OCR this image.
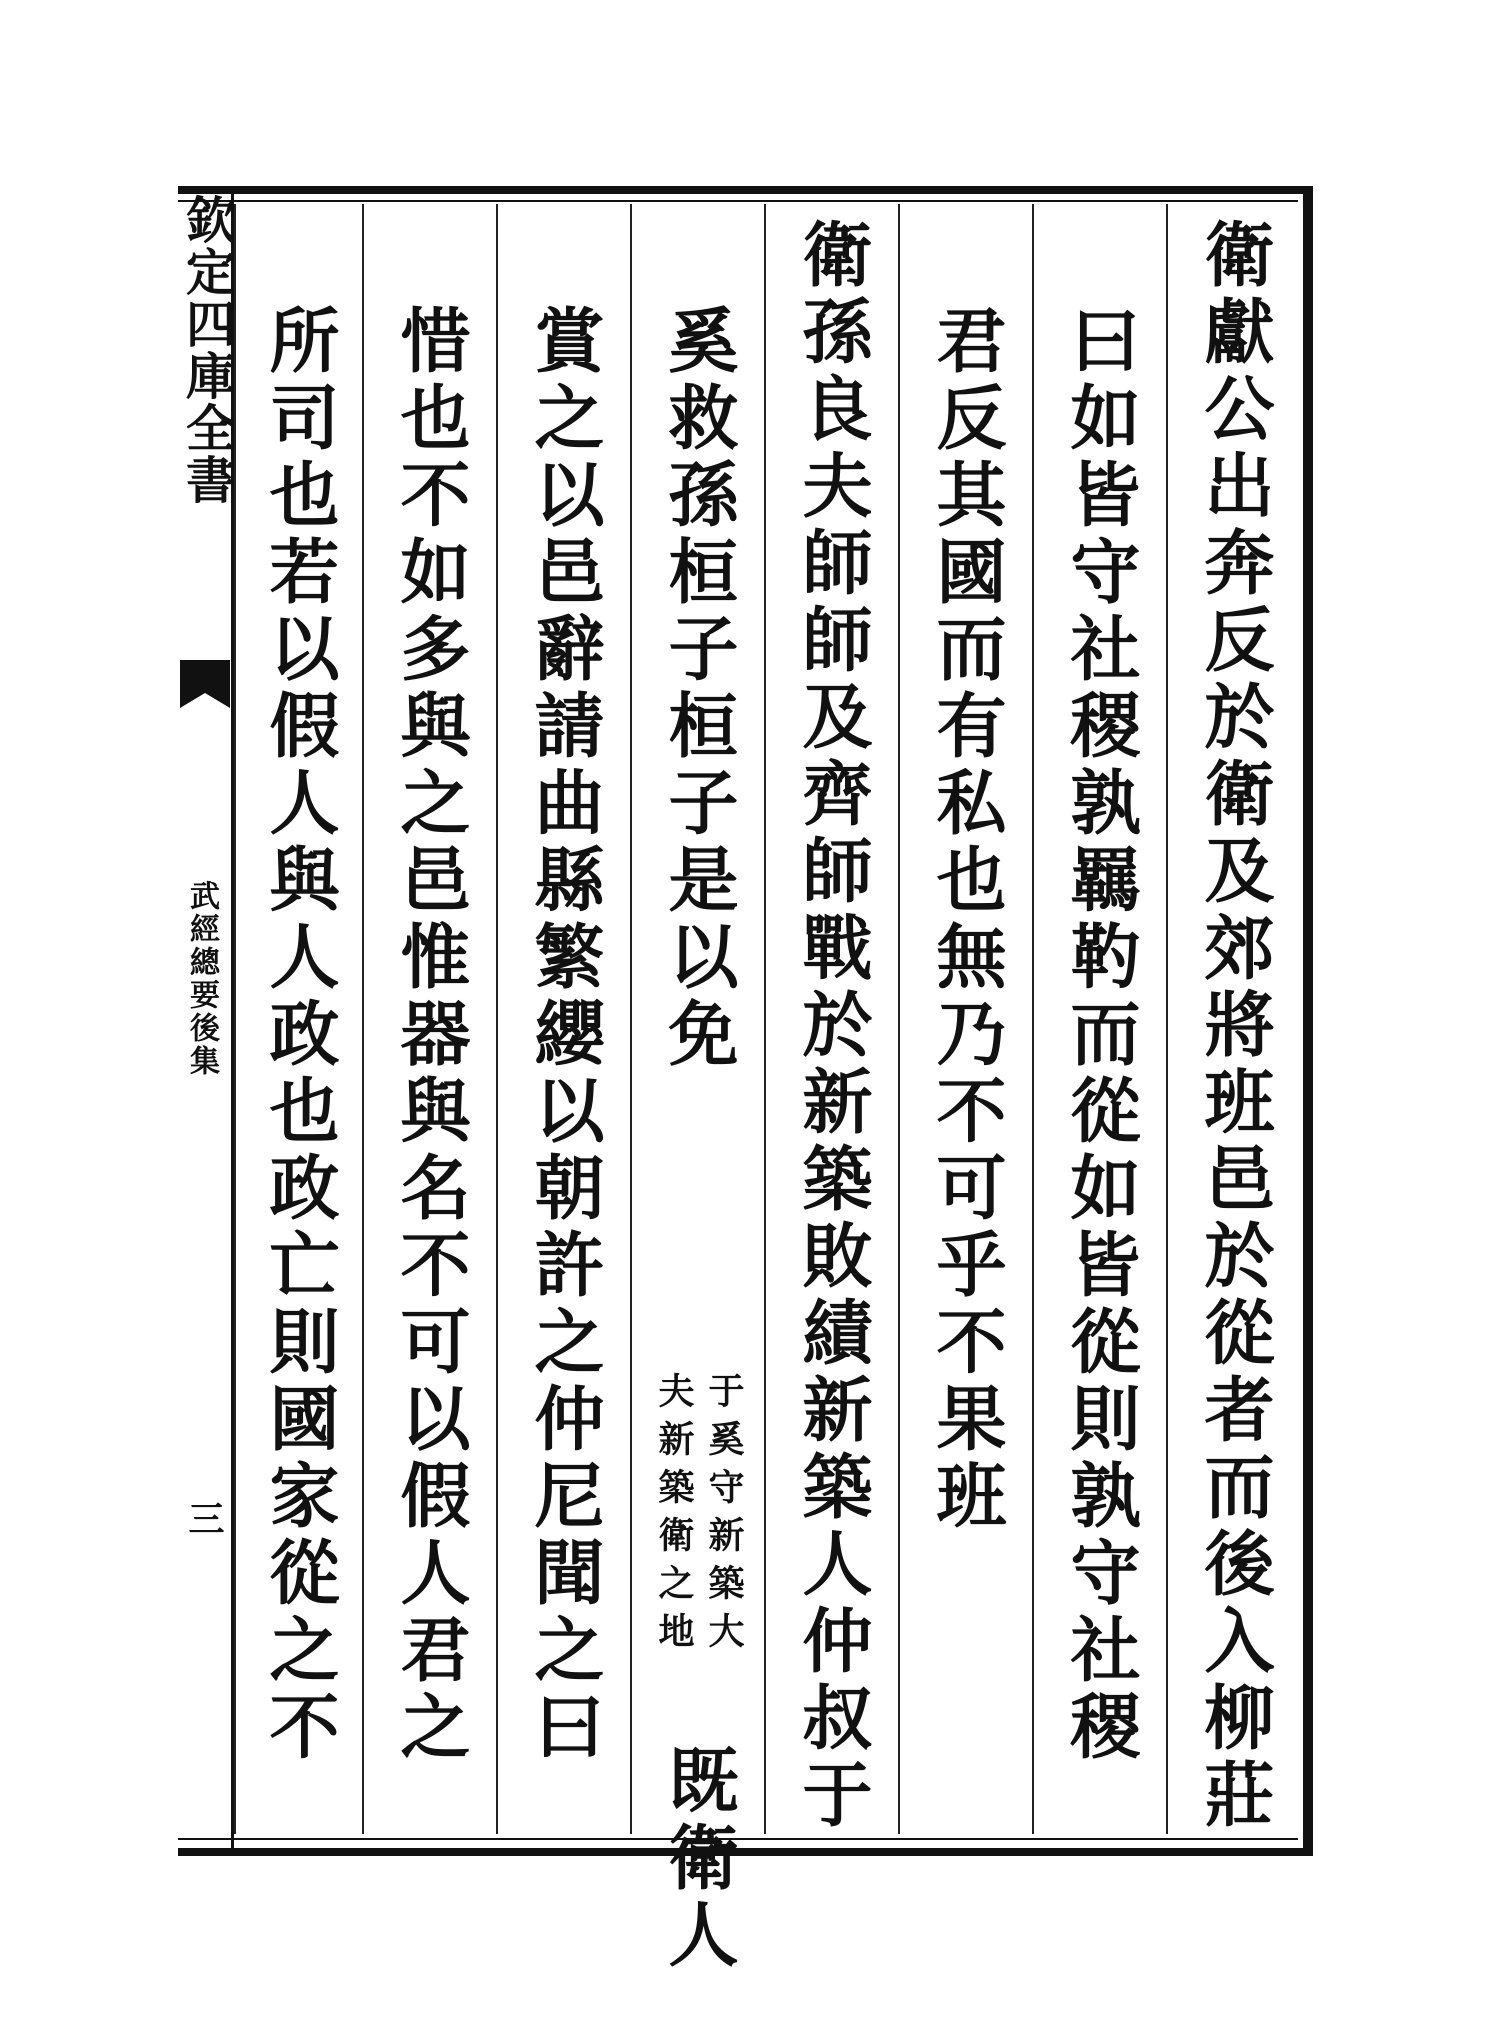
欽定四庫全書
武經總要後集
三	衛獻公出奔反於衛及郊將班邑於從者而後入柳莊
曰如皆守社稷孰羈靮而從如皆從則孰守社稷
君反其國而有私也無乃不可乎不果班
衛孫良夫師師及齊師戰於新築敗績新築人仲叔于
奚救孫桓子桓子是以免
于奚守新築大
夫新築衛之地
既衛人
賞之以邑辭請曲縣繁纓以朝許之仲尼聞之曰
惜也不如多與之邑惟器與名不可以假人君之
所司也若以假人與人政也政亡則國家從之不
